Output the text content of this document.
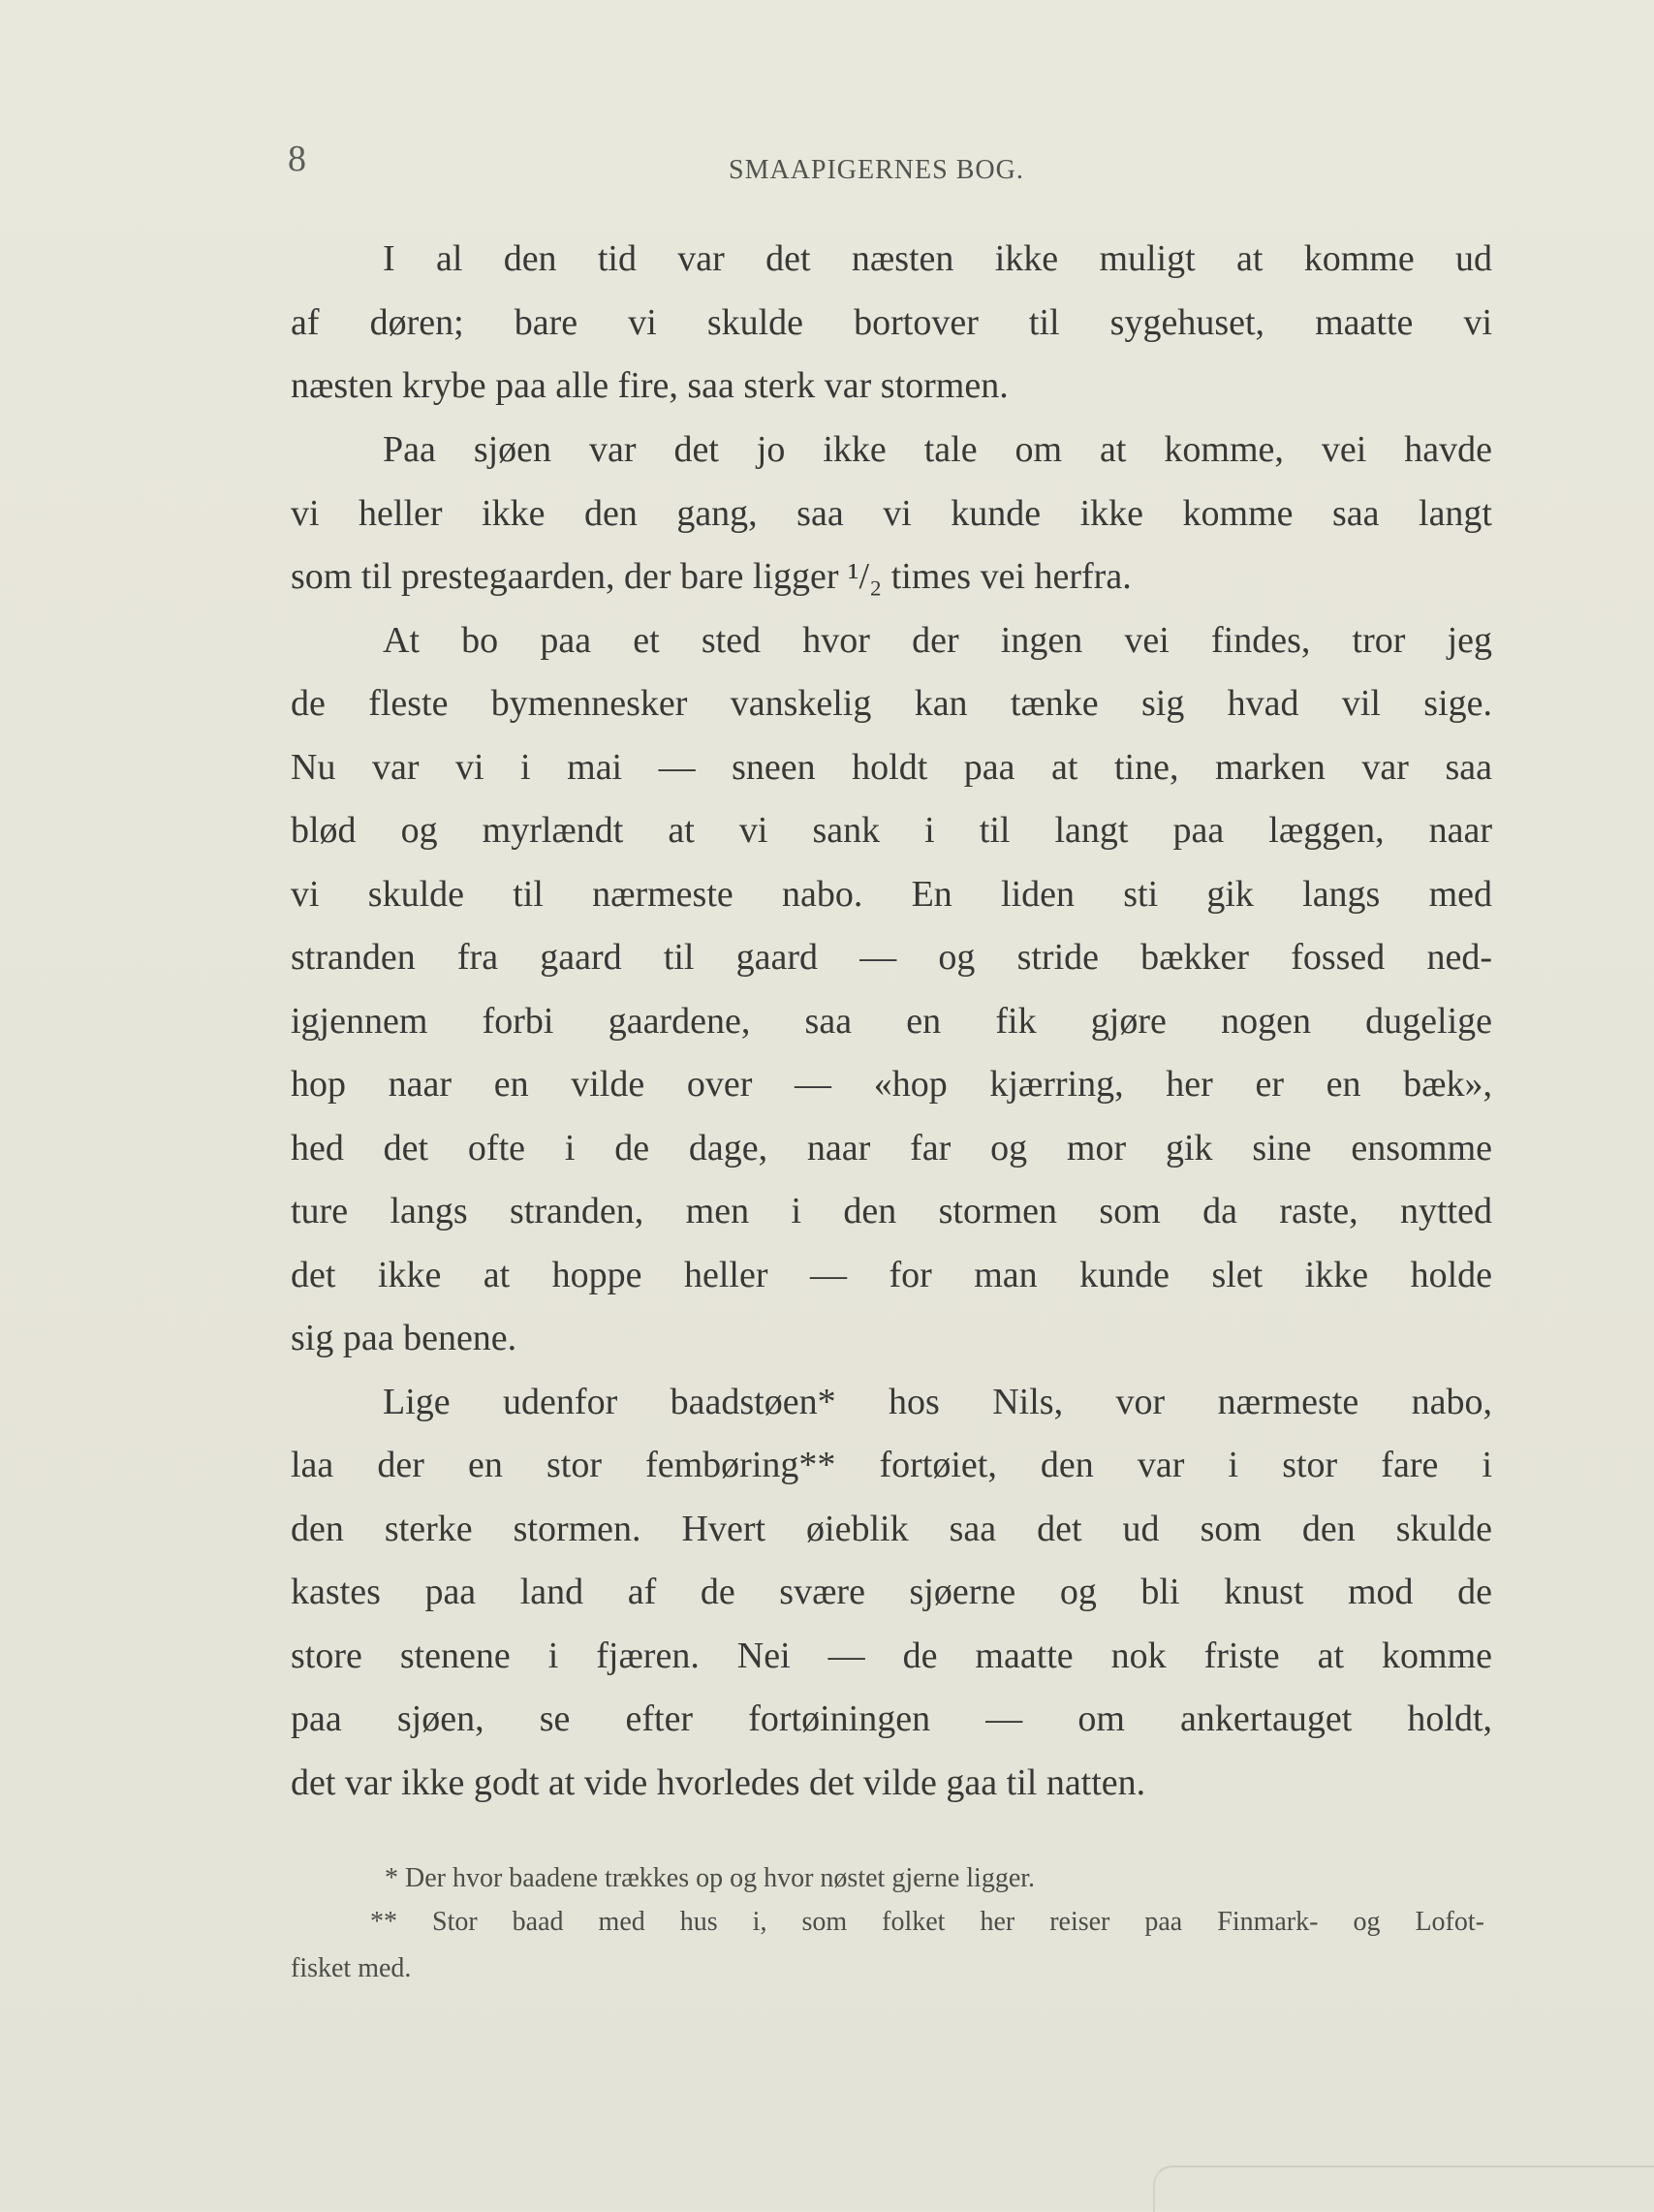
8	SMAAPIGERNES BOG.
I al den tid var det næsten ikke muligt at komme ud
af døren; bare vi skulde bortover til sygehuset, maatte vi
næsten krybe paa alle fire, saa sterk var stormen.
Paa sjøen var det jo ikke tale om at komme, vei havde
vi heller ikke den gang, saa vi kunde ikke komme saa langt
som til prestegaarden, der bare ligger ¹/₂ times vei herfra.
At bo paa et sted hvor der ingen vei findes, tror jeg
de fleste bymennesker vanskelig kan tænke sig hvad vil sige.
Nu var vi i mai — sneen holdt paa at tine, marken var saa
blød og myrlændt at vi sank i til langt paa læggen, naar
vi skulde til nærmeste nabo. En liden sti gik langs med
stranden fra gaard til gaard — og stride bækker fossed ned-
igjennem forbi gaardene, saa en fik gjøre nogen dugelige
hop naar en vilde over — «hop kjærring, her er en bæk»,
hed det ofte i de dage, naar far og mor gik sine ensomme
ture langs stranden, men i den stormen som da raste, nytted
det ikke at hoppe heller — for man kunde slet ikke holde
sig paa benene.
Lige udenfor baadstøen* hos Nils, vor nærmeste nabo,
laa der en stor fembøring** fortøiet, den var i stor fare i
den sterke stormen. Hvert øieblik saa det ud som den skulde
kastes paa land af de svære sjøerne og bli knust mod de
store stenene i fjæren. Nei — de maatte nok friste at komme
paa sjøen, se efter fortøiningen — om ankertauget holdt,
det var ikke godt at vide hvorledes det vilde gaa til natten.
* Der hvor baadene trækkes op og hvor nøstet gjerne ligger.
** Stor baad med hus i, som folket her reiser paa Finmark- og Lofot-
fisket med.
